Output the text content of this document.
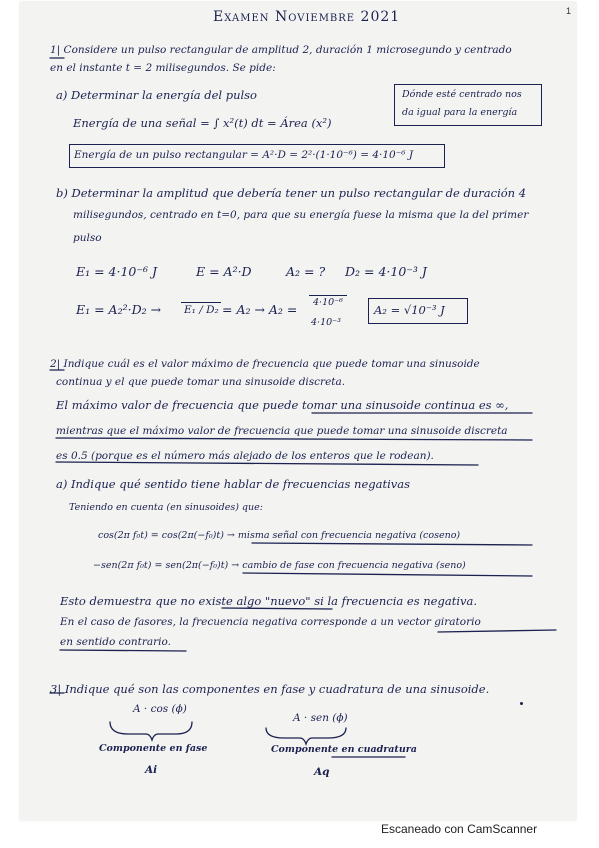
1
Examen Noviembre 2021
1| Considere un pulso rectangular de amplitud 2, duración 1 microsegundo y centrado
en el instante t = 2 milisegundos. Se pide:
a) Determinar la energía del pulso	Dónde esté centrado nos
da igual para la energía
Energía de una señal = ∫ x²(t) dt = Área (x²)
Energía de un pulso rectangular = A²·D = 2²·(1·10⁻⁶) = 4·10⁻⁶ J
b) Determinar la amplitud que debería tener un pulso rectangular de duración 4
milisegundos, centrado en t=0, para que su energía fuese la misma que la del primer
pulso
E₁ = 4·10⁻⁶ J	E = A²·D	A₂ = ? D₂ = 4·10⁻³ J
E₁ = A₂²·D₂ → E₁ / D₂ = A₂ → A₂ =	4·10⁻⁶
4·10⁻³
A₂ = √10⁻³ J
2| Indique cuál es el valor máximo de frecuencia que puede tomar una sinusoide
continua y el que puede tomar una sinusoide discreta.
El máximo valor de frecuencia que puede tomar una sinusoide continua es ∞,
mientras que el máximo valor de frecuencia que puede tomar una sinusoide discreta
es 0.5 (porque es el número más alejado de los enteros que le rodean).
a) Indique qué sentido tiene hablar de frecuencias negativas
Teniendo en cuenta (en sinusoides) que:
cos(2π f₀t) = cos(2π(−f₀)t) → misma señal con frecuencia negativa (coseno)
−sen(2π f₀t) = sen(2π(−f₀)t) → cambio de fase con frecuencia negativa (seno)
Esto demuestra que no existe algo "nuevo" si la frecuencia es negativa.
En el caso de fasores, la frecuencia negativa corresponde a un vector giratorio
en sentido contrario.
3| Indique qué son las componentes en fase y cuadratura de una sinusoide.
A · cos (ϕ)
Componente en fase
Ai
A · sen (ϕ)
Componente en cuadratura
Aq
Escaneado con CamScanner
